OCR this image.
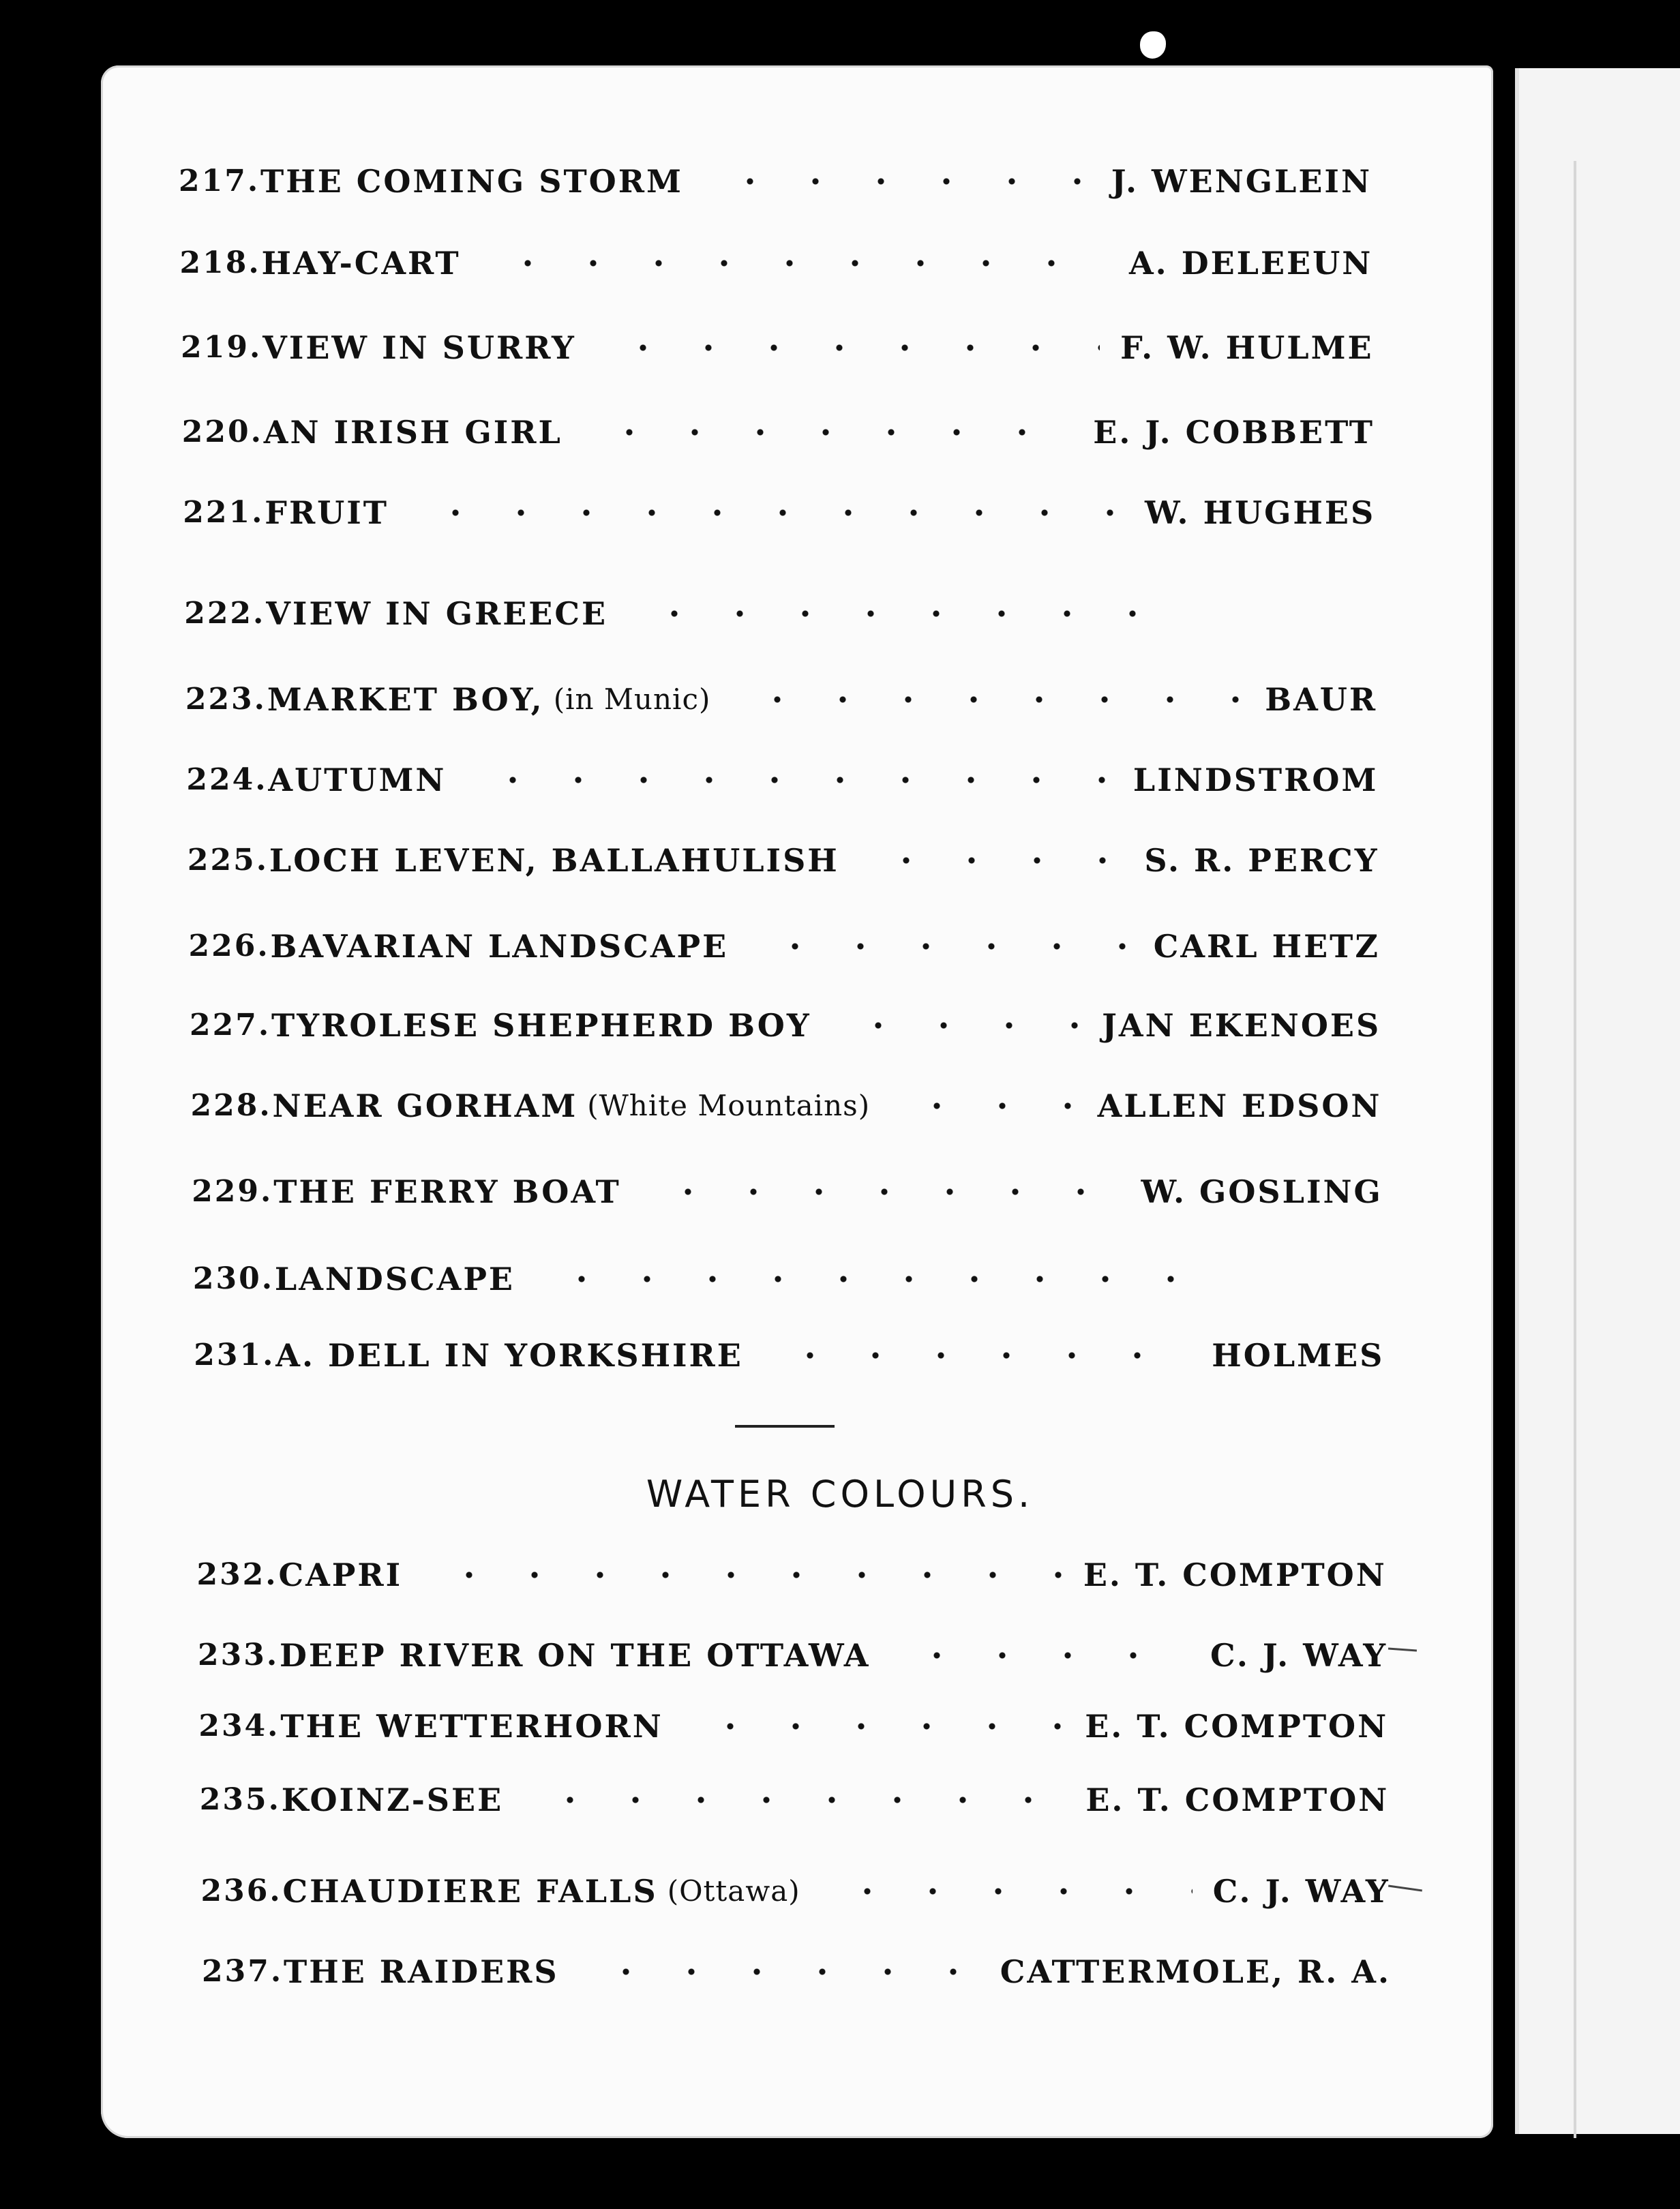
217. THE COMING STORM	J. WENGLEIN
218. HAY-CART	A. DELEEUN
219. VIEW IN SURRY	F. W. HULME
220. AN IRISH GIRL	E. J. COBBETT
221. FRUIT	W. HUGHES
222. VIEW IN GREECE
223. MARKET BOY, (in Munic)	BAUR
224. AUTUMN	LINDSTROM
225. LOCH LEVEN, BALLAHULISH	S. R. PERCY
226. BAVARIAN LANDSCAPE	CARL HETZ
227. TYROLESE SHEPHERD BOY	JAN EKENOES
228. NEAR GORHAM (White Mountains)	ALLEN EDSON
229. THE FERRY BOAT	W. GOSLING
230. LANDSCAPE
231. A. DELL IN YORKSHIRE	HOLMES
232. CAPRI	E. T. COMPTON
233. DEEP RIVER ON THE OTTAWA	C. J. WAY
234. THE WETTERHORN	E. T. COMPTON
235. KOINZ-SEE	E. T. COMPTON
236. CHAUDIERE FALLS (Ottawa)	C. J. WAY
237. THE RAIDERS	CATTERMOLE, R. A.
WATER COLOURS.
